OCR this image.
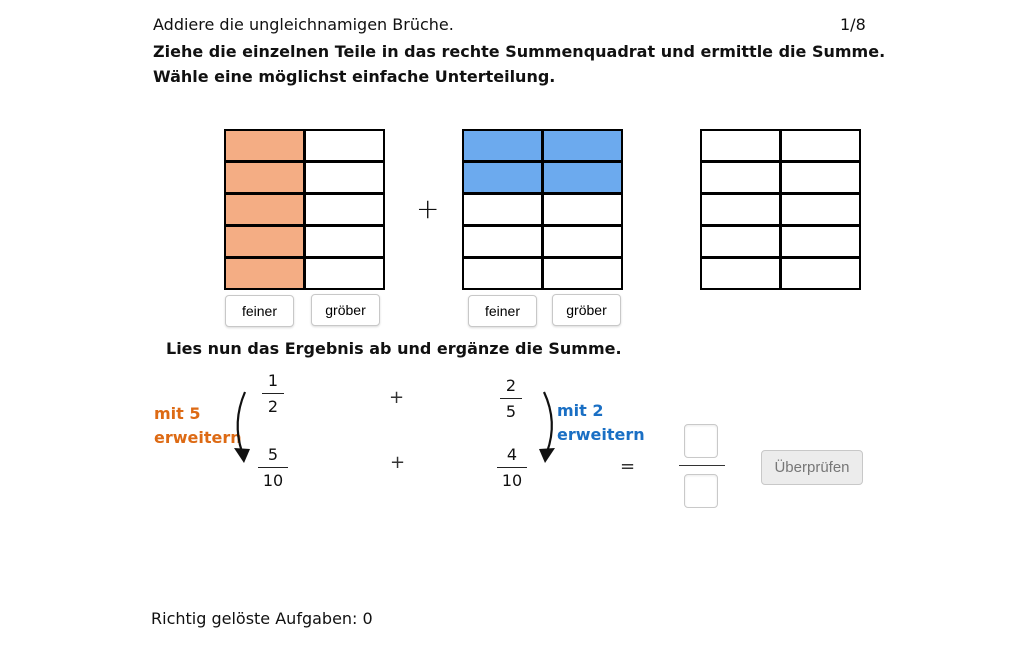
Addiere die ungleichnamigen Brüche.	1/8
Ziehe die einzelnen Teile in das rechte Summenquadrat und ermittle die Summe.
Wähle eine möglichst einfache Unterteilung.
+
feiner	gröber	feiner	gröber
Lies nun das Ergebnis ab und ergänze die Summe.
1
2	+
2
5
mit 5
erweitern
mit 2
erweitern
5
10
+	4
10
=	Überprüfen
Richtig gelöste Aufgaben: 0
